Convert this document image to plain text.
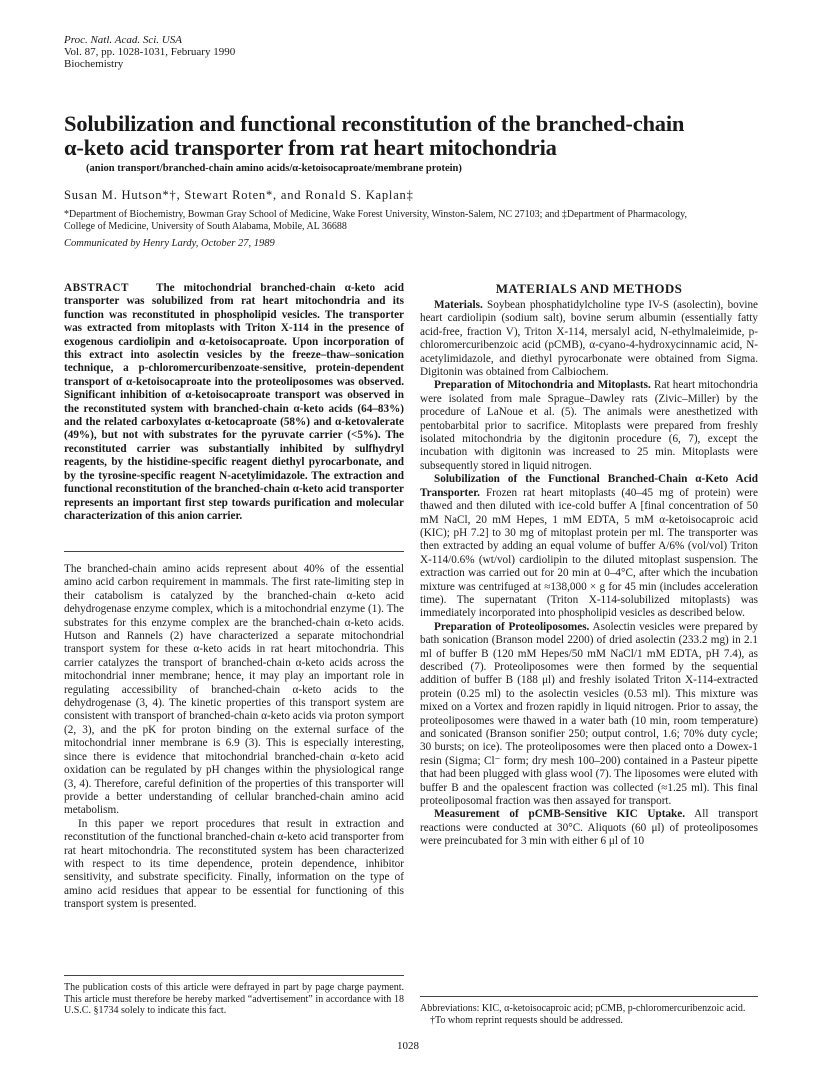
Proc. Natl. Acad. Sci. USA
Vol. 87, pp. 1028-1031, February 1990
Biochemistry
Solubilization and functional reconstitution of the branched-chain
α-keto acid transporter from rat heart mitochondria
(anion transport/branched-chain amino acids/α-ketoisocaproate/membrane protein)
Susan M. Hutson*†, Stewart Roten*, and Ronald S. Kaplan‡
*Department of Biochemistry, Bowman Gray School of Medicine, Wake Forest University, Winston-Salem, NC 27103; and ‡Department of Pharmacology,
College of Medicine, University of South Alabama, Mobile, AL 36688
Communicated by Henry Lardy, October 27, 1989
ABSTRACT The mitochondrial branched-chain α-keto acid transporter was solubilized from rat heart mitochondria and its function was reconstituted in phospholipid vesicles. The transporter was extracted from mitoplasts with Triton X-114 in the presence of exogenous cardiolipin and α-ketoisocaproate. Upon incorporation of this extract into asolectin vesicles by the freeze–thaw–sonication technique, a p-chloromercuribenzoate-sensitive, protein-dependent transport of α-ketoisocaproate into the proteoliposomes was observed. Significant inhibition of α-ketoisocaproate transport was observed in the reconstituted system with branched-chain α-keto acids (64–83%) and the related carboxylates α-ketocaproate (58%) and α-ketovalerate (49%), but not with substrates for the pyruvate carrier (<5%). The reconstituted carrier was substantially inhibited by sulfhydryl reagents, by the histidine-specific reagent diethyl pyrocarbonate, and by the tyrosine-specific reagent N-acetylimidazole. The extraction and functional reconstitution of the branched-chain α-keto acid transporter represents an important first step towards purification and molecular characterization of this anion carrier.

The branched-chain amino acids represent about 40% of the essential amino acid carbon requirement in mammals. The first rate-limiting step in their catabolism is catalyzed by the branched-chain α-keto acid dehydrogenase enzyme complex, which is a mitochondrial enzyme (1). The substrates for this enzyme complex are the branched-chain α-keto acids. Hutson and Rannels (2) have characterized a separate mitochondrial transport system for these α-keto acids in rat heart mitochondria. This carrier catalyzes the transport of branched-chain α-keto acids across the mitochondrial inner membrane; hence, it may play an important role in regulating accessibility of branched-chain α-keto acids to the dehydrogenase (3, 4). The kinetic properties of this transport system are consistent with transport of branched-chain α-keto acids via proton symport (2, 3), and the pK for proton binding on the external surface of the mitochondrial inner membrane is 6.9 (3). This is especially interesting, since there is evidence that mitochondrial branched-chain α-keto acid oxidation can be regulated by pH changes within the physiological range (3, 4). Therefore, careful definition of the properties of this transporter will provide a better understanding of cellular branched-chain amino acid metabolism.

In this paper we report procedures that result in extraction and reconstitution of the functional branched-chain α-keto acid transporter from rat heart mitochondria. The reconstituted system has been characterized with respect to its time dependence, protein dependence, inhibitor sensitivity, and substrate specificity. Finally, information on the type of amino acid residues that appear to be essential for functioning of this transport system is presented.

The publication costs of this article were defrayed in part by page charge payment. This article must therefore be hereby marked “advertisement” in accordance with 18 U.S.C. §1734 solely to indicate this fact.
MATERIALS AND METHODS

Materials. Soybean phosphatidylcholine type IV-S (asolectin), bovine heart cardiolipin (sodium salt), bovine serum albumin (essentially fatty acid-free, fraction V), Triton X-114, mersalyl acid, N-ethylmaleimide, p-chloromercuribenzoic acid (pCMB), α-cyano-4-hydroxycinnamic acid, N-acetylimidazole, and diethyl pyrocarbonate were obtained from Sigma. Digitonin was obtained from Calbiochem.

Preparation of Mitochondria and Mitoplasts. Rat heart mitochondria were isolated from male Sprague–Dawley rats (Zivic–Miller) by the procedure of LaNoue et al. (5). The animals were anesthetized with pentobarbital prior to sacrifice. Mitoplasts were prepared from freshly isolated mitochondria by the digitonin procedure (6, 7), except the incubation with digitonin was increased to 25 min. Mitoplasts were subsequently stored in liquid nitrogen.

Solubilization of the Functional Branched-Chain α-Keto Acid Transporter. Frozen rat heart mitoplasts (40–45 mg of protein) were thawed and then diluted with ice-cold buffer A [final concentration of 50 mM NaCl, 20 mM Hepes, 1 mM EDTA, 5 mM α-ketoisocaproic acid (KIC); pH 7.2] to 30 mg of mitoplast protein per ml. The transporter was then extracted by adding an equal volume of buffer A/6% (vol/vol) Triton X-114/0.6% (wt/vol) cardiolipin to the diluted mitoplast suspension. The extraction was carried out for 20 min at 0–4°C, after which the incubation mixture was centrifuged at ≈138,000 × g for 45 min (includes acceleration time). The supernatant (Triton X-114-solubilized mitoplasts) was immediately incorporated into phospholipid vesicles as described below.

Preparation of Proteoliposomes. Asolectin vesicles were prepared by bath sonication (Branson model 2200) of dried asolectin (233.2 mg) in 2.1 ml of buffer B (120 mM Hepes/50 mM NaCl/1 mM EDTA, pH 7.4), as described (7). Proteoliposomes were then formed by the sequential addition of buffer B (188 μl) and freshly isolated Triton X-114-extracted protein (0.25 ml) to the asolectin vesicles (0.53 ml). This mixture was mixed on a Vortex and frozen rapidly in liquid nitrogen. Prior to assay, the proteoliposomes were thawed in a water bath (10 min, room temperature) and sonicated (Branson sonifier 250; output control, 1.6; 70% duty cycle; 30 bursts; on ice). The proteoliposomes were then placed onto a Dowex-1 resin (Sigma; Cl⁻ form; dry mesh 100–200) contained in a Pasteur pipette that had been plugged with glass wool (7). The liposomes were eluted with buffer B and the opalescent fraction was collected (≈1.25 ml). This final proteoliposomal fraction was then assayed for transport.

Measurement of pCMB-Sensitive KIC Uptake. All transport reactions were conducted at 30°C. Aliquots (60 μl) of proteoliposomes were preincubated for 3 min with either 6 μl of 10

Abbreviations: KIC, α-ketoisocaproic acid; pCMB, p-chloromercuribenzoic acid.
†To whom reprint requests should be addressed.
1028
